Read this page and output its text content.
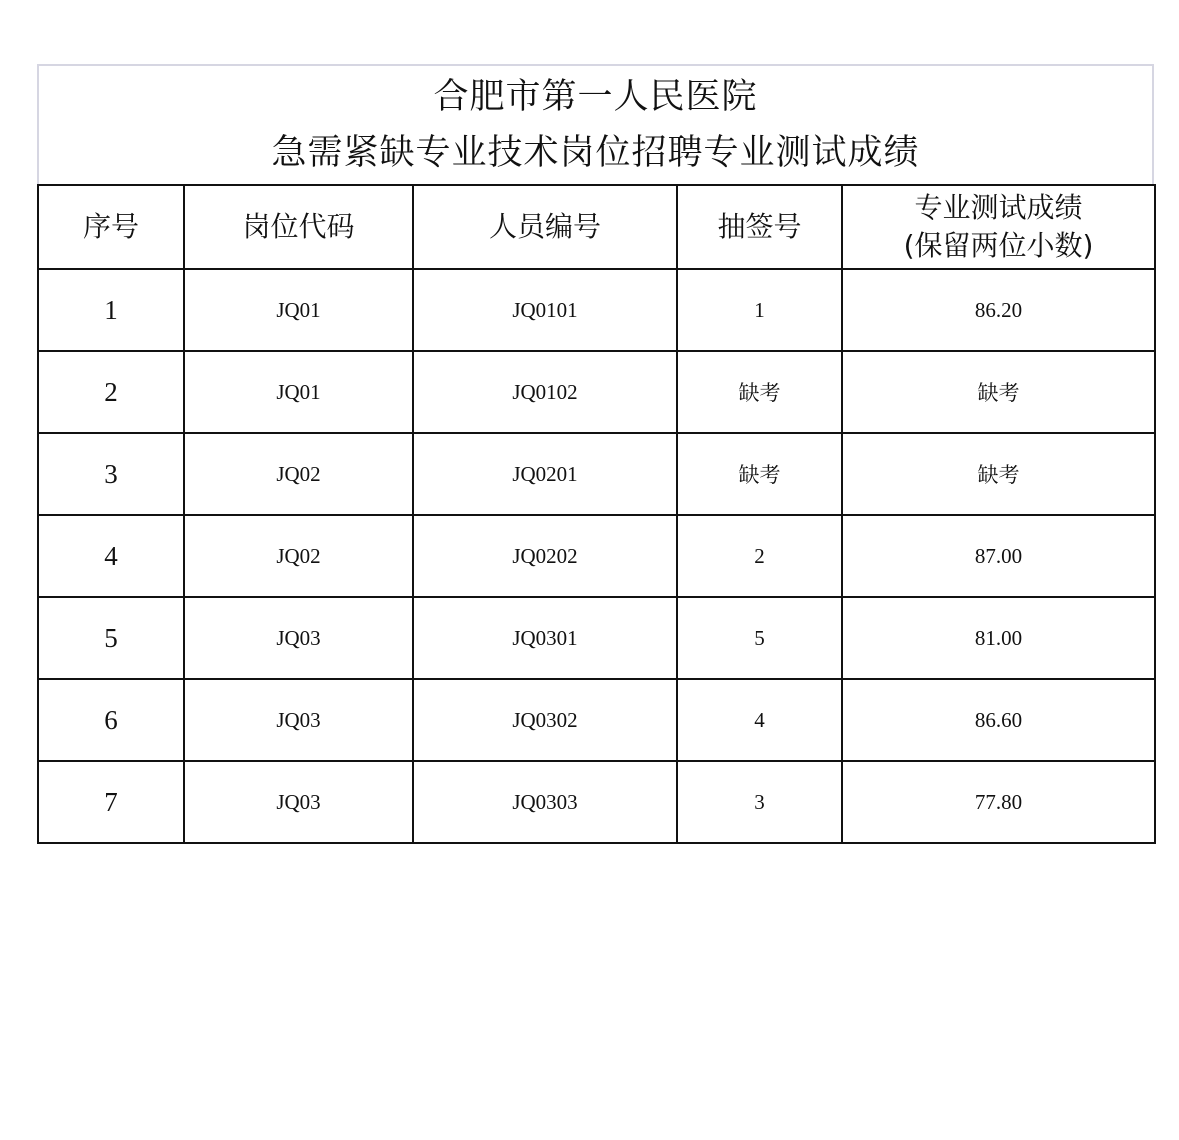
合肥市第一人民医院
急需紧缺专业技术岗位招聘专业测试成绩
序号	岗位代码	人员编号	抽签号	专业测试成绩
(保留两位小数)

1	JQ01	JQ0101	1	86.20
2	JQ01	JQ0102	缺考	缺考
3	JQ02	JQ0201	缺考	缺考
4	JQ02	JQ0202	2	87.00
5	JQ03	JQ0301	5	81.00
6	JQ03	JQ0302	4	86.60
7	JQ03	JQ0303	3	77.80
